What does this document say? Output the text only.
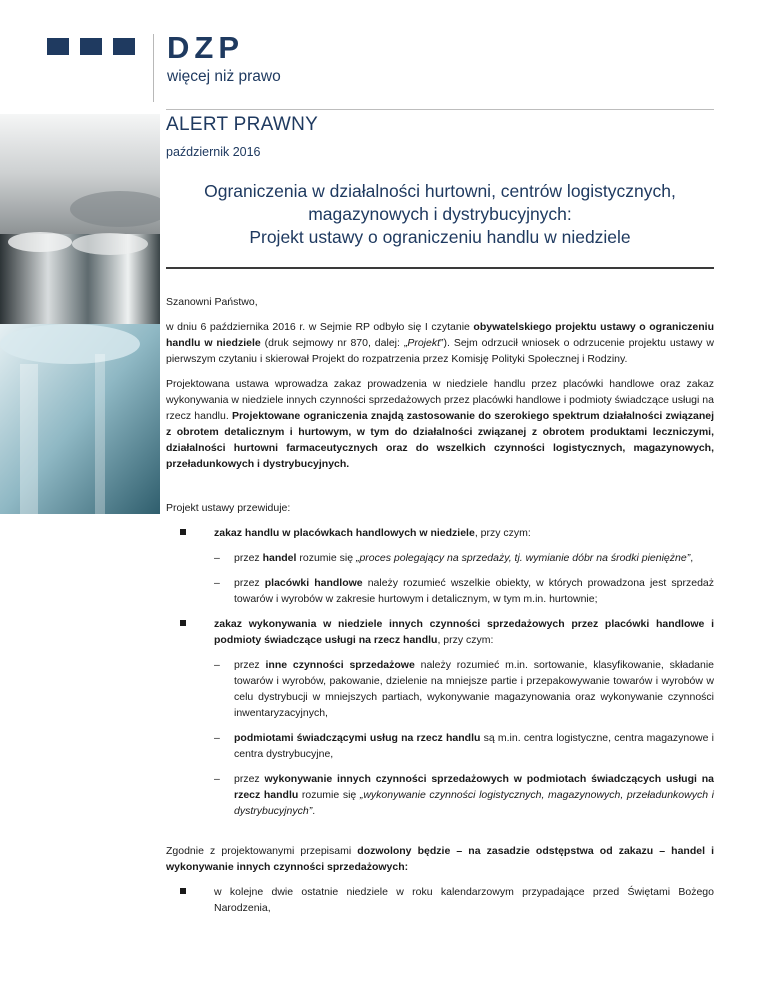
DZP
więcej niż prawo
ALERT PRAWNY
październik 2016
Ograniczenia w działalności hurtowni, centrów logistycznych,
magazynowych i dystrybucyjnych:
Projekt ustawy o ograniczeniu handlu w niedziele

Szanowni Państwo,

w dniu 6 października 2016 r. w Sejmie RP odbyło się I czytanie obywatelskiego projektu ustawy o ograniczeniu handlu w niedziele (druk sejmowy nr 870, dalej: „Projekt”). Sejm odrzucił wniosek o odrzucenie projektu ustawy w pierwszym czytaniu i skierował Projekt do rozpatrzenia przez Komisję Polityki Społecznej i Rodziny.

Projektowana ustawa wprowadza zakaz prowadzenia w niedziele handlu przez placówki handlowe oraz zakaz wykonywania w niedziele innych czynności sprzedażowych przez placówki handlowe i podmioty świadczące usługi na rzecz handlu. Projektowane ograniczenia znajdą zastosowanie do szerokiego spektrum działalności związanej z obrotem detalicznym i hurtowym, w tym do działalności związanej z obrotem produktami leczniczymi, działalności hurtowni farmaceutycznych oraz do wszelkich czynności logistycznych, magazynowych, przeładunkowych i dystrybucyjnych.

Projekt ustawy przewiduje:

zakaz handlu w placówkach handlowych w niedziele, przy czym:
– przez handel rozumie się „proces polegający na sprzedaży, tj. wymianie dóbr na środki pieniężne”,
– przez placówki handlowe należy rozumieć wszelkie obiekty, w których prowadzona jest sprzedaż towarów i wyrobów w zakresie hurtowym i detalicznym, w tym m.in. hurtownie;
zakaz wykonywania w niedziele innych czynności sprzedażowych przez placówki handlowe i podmioty świadczące usługi na rzecz handlu, przy czym:
– przez inne czynności sprzedażowe należy rozumieć m.in. sortowanie, klasyfikowanie, składanie towarów i wyrobów, pakowanie, dzielenie na mniejsze partie i przepakowywanie towarów i wyrobów w celu dystrybucji w mniejszych partiach, wykonywanie magazynowania oraz wykonywanie czynności inwentaryzacyjnych,
– podmiotami świadczącymi usług na rzecz handlu są m.in. centra logistyczne, centra magazynowe i centra dystrybucyjne,
– przez wykonywanie innych czynności sprzedażowych w podmiotach świadczących usługi na rzecz handlu rozumie się „wykonywanie czynności logistycznych, magazynowych, przeładunkowych i dystrybucyjnych”.

Zgodnie z projektowanymi przepisami dozwolony będzie – na zasadzie odstępstwa od zakazu – handel i wykonywanie innych czynności sprzedażowych:

w kolejne dwie ostatnie niedziele w roku kalendarzowym przypadające przed Świętami Bożego Narodzenia,
